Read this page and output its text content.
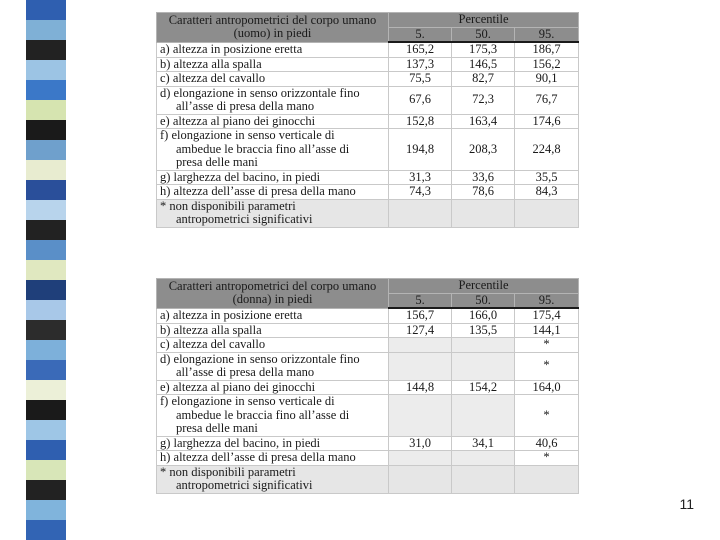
Caratteri antropometrici del corpo umano (uomo) in piedi	Percentile		
	5.	50.	95.

a) altezza in posizione eretta	165,2	175,3	186,7

b) altezza alla spalla	137,3	146,5	156,2

c) altezza del cavallo	75,5	82,7	90,1

d) elongazione in senso orizzontale fino
all’asse di presa della mano	67,6	72,3	76,7

e) altezza al piano dei ginocchi	152,8	163,4	174,6

f) elongazione in senso verticale di
ambedue le braccia fino all’asse di
presa delle mani	194,8	208,3	224,8

g) larghezza del bacino, in piedi	31,3	33,6	35,5

h) altezza dell’asse di presa della mano	74,3	78,6	84,3

* non disponibili parametri
antropometrici significativi			

Caratteri antropometrici del corpo umano (donna) in piedi	Percentile		
	5.	50.	95.

a) altezza in posizione eretta	156,7	166,0	175,4

b) altezza alla spalla	127,4	135,5	144,1

c) altezza del cavallo			*

d) elongazione in senso orizzontale fino
all’asse di presa della mano			*

e) altezza al piano dei ginocchi	144,8	154,2	164,0

f) elongazione in senso verticale di
ambedue le braccia fino all’asse di
presa delle mani			*

g) larghezza del bacino, in piedi	31,0	34,1	40,6

h) altezza dell’asse di presa della mano			*

* non disponibili parametri
antropometrici significativi			

11
